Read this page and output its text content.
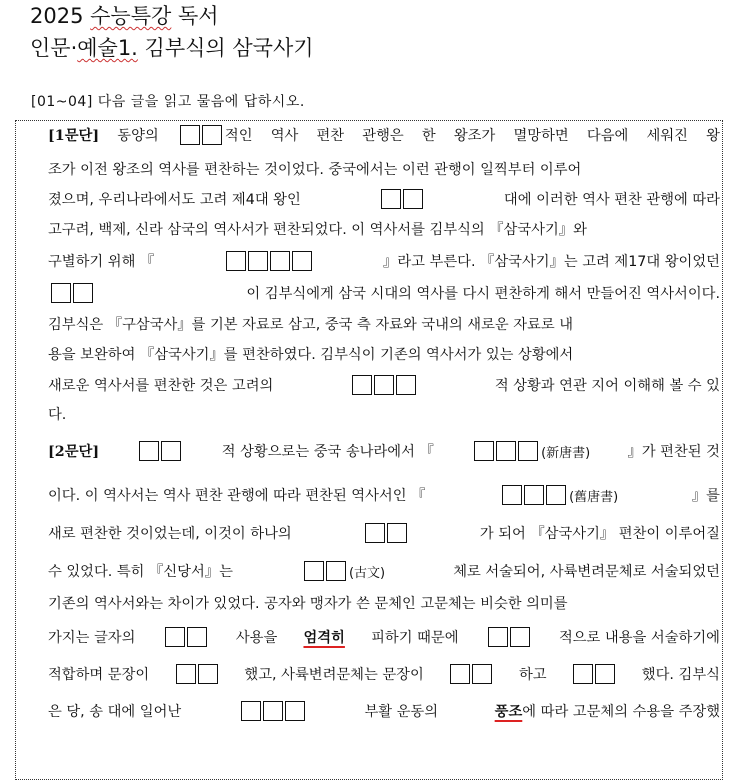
2025 수능특강 독서
인문·예술1. 김부식의 삼국사기
[01~04] 다음 글을 읽고 물음에 답하시오.
[1문단] 동양의	적인 역사 편찬 관행은 한 왕조가 멸망하면 다음에 세워진 왕
조가 이전 왕조의 역사를 편찬하는 것이었다. 중국에서는 이런 관행이 일찍부터 이루어
졌으며, 우리나라에서도 고려 제4대 왕인	대에 이러한 역사 편찬 관행에 따라
고구려, 백제, 신라 삼국의 역사서가 편찬되었다. 이 역사서를 김부식의 『삼국사기』와
구별하기 위해 『	』라고 부른다. 『삼국사기』는 고려 제17대 왕이었던
이 김부식에게 삼국 시대의 역사를 다시 편찬하게 해서 만들어진 역사서이다.
김부식은 『구삼국사』를 기본 자료로 삼고, 중국 측 자료와 국내의 새로운 자료로 내
용을 보완하여 『삼국사기』를 편찬하였다. 김부식이 기존의 역사서가 있는 상황에서
새로운 역사서를 편찬한 것은 고려의	적 상황과 연관 지어 이해해 볼 수 있
다.
[2문단]	적 상황으로는 중국 송나라에서 『	(新唐書)	』가 편찬된 것
이다. 이 역사서는 역사 편찬 관행에 따라 편찬된 역사서인 『	(舊唐書)	』를
새로 편찬한 것이었는데, 이것이 하나의	가 되어 『삼국사기』 편찬이 이루어질
수 있었다. 특히 『신당서』는	(古文)	체로 서술되어, 사륙변려문체로 서술되었던
기존의 역사서와는 차이가 있었다. 공자와 맹자가 쓴 문체인 고문체는 비슷한 의미를
가지는 글자의	사용을 엄격히 피하기 때문에	적으로 내용을 서술하기에
적합하며 문장이	했고, 사륙변려문체는 문장이	하고	했다. 김부식
은 당, 송 대에 일어난	부활 운동의	풍조 에 따라 고문체의 수용을 주장했
